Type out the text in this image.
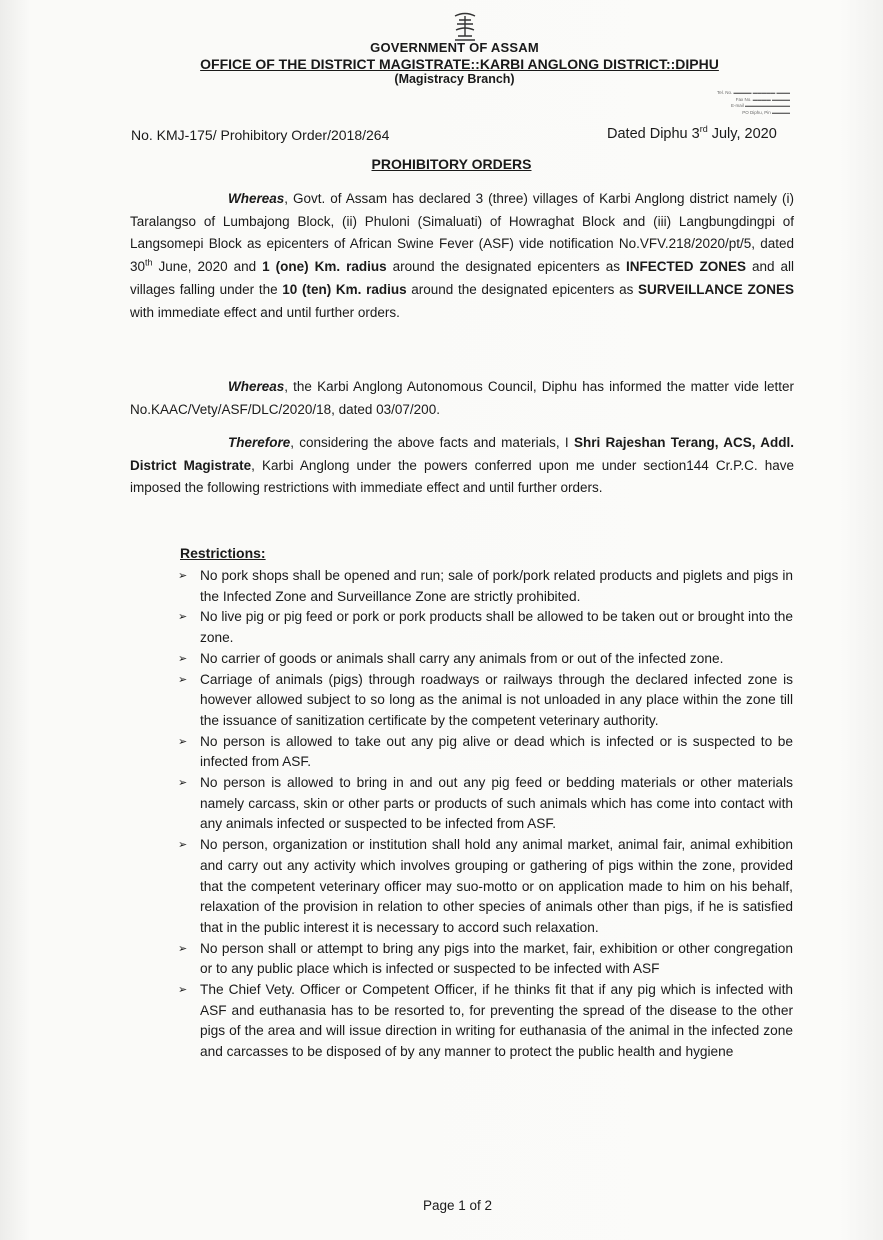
GOVERNMENT OF ASSAM
OFFICE OF THE DISTRICT MAGISTRATE::KARBI ANGLONG DISTRICT::DIPHU
(Magistracy Branch)
Tel. No. ▬▬▬▬ ▬▬▬▬▬ ▬▬▬
Fax No. ▬▬▬▬ ▬▬▬▬
E-mail ▬▬▬▬▬▬▬▬▬▬
PO Diphu, Pin ▬▬▬▬
No. KMJ-175/ Prohibitory Order/2018/264	Dated Diphu 3rd July, 2020
PROHIBITORY ORDERS
Whereas, Govt. of Assam has declared 3 (three) villages of Karbi Anglong district namely (i) Taralangso of Lumbajong Block, (ii) Phuloni (Simaluati) of Howraghat Block and (iii) Langbungdingpi of Langsomepi Block as epicenters of African Swine Fever (ASF) vide notification No.VFV.218/2020/pt/5, dated 30th June, 2020 and 1 (one) Km. radius around the designated epicenters as INFECTED ZONES and all villages falling under the 10 (ten) Km. radius around the designated epicenters as SURVEILLANCE ZONES with immediate effect and until further orders.
Whereas, the Karbi Anglong Autonomous Council, Diphu has informed the matter vide letter No.KAAC/Vety/ASF/DLC/2020/18, dated 03/07/200.
Therefore, considering the above facts and materials, I Shri Rajeshan Terang, ACS, Addl. District Magistrate, Karbi Anglong under the powers conferred upon me under section144 Cr.P.C. have imposed the following restrictions with immediate effect and until further orders.
Restrictions:
➢ No pork shops shall be opened and run; sale of pork/pork related products and piglets and pigs in the Infected Zone and Surveillance Zone are strictly prohibited.
➢ No live pig or pig feed or pork or pork products shall be allowed to be taken out or brought into the zone.
➢ No carrier of goods or animals shall carry any animals from or out of the infected zone.
➢ Carriage of animals (pigs) through roadways or railways through the declared infected zone is however allowed subject to so long as the animal is not unloaded in any place within the zone till the issuance of sanitization certificate by the competent veterinary authority.
➢ No person is allowed to take out any pig alive or dead which is infected or is suspected to be infected from ASF.
➢ No person is allowed to bring in and out any pig feed or bedding materials or other materials namely carcass, skin or other parts or products of such animals which has come into contact with any animals infected or suspected to be infected from ASF.
➢ No person, organization or institution shall hold any animal market, animal fair, animal exhibition and carry out any activity which involves grouping or gathering of pigs within the zone, provided that the competent veterinary officer may suo-motto or on application made to him on his behalf, relaxation of the provision in relation to other species of animals other than pigs, if he is satisfied that in the public interest it is necessary to accord such relaxation.
➢ No person shall or attempt to bring any pigs into the market, fair, exhibition or other congregation or to any public place which is infected or suspected to be infected with ASF
➢ The Chief Vety. Officer or Competent Officer, if he thinks fit that if any pig which is infected with ASF and euthanasia has to be resorted to, for preventing the spread of the disease to the other pigs of the area and will issue direction in writing for euthanasia of the animal in the infected zone and carcasses to be disposed of by any manner to protect the public health and hygiene
Page 1 of 2
